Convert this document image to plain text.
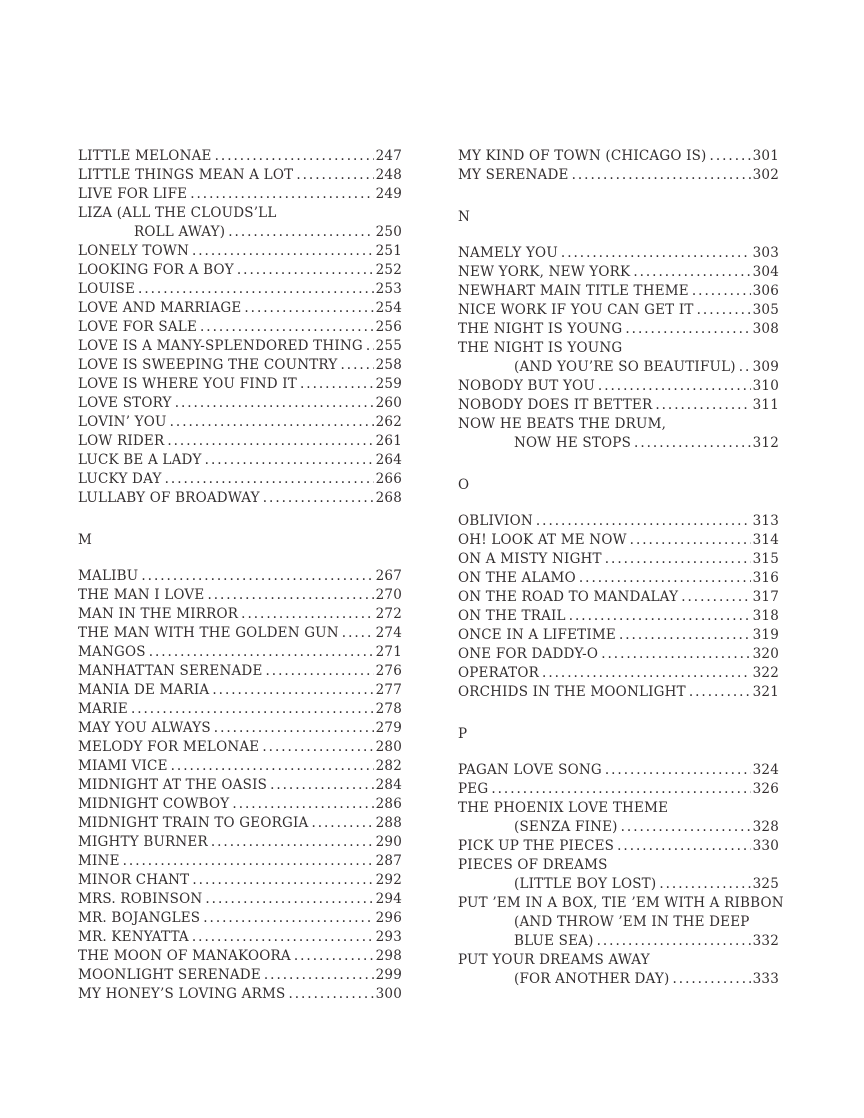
LITTLE MELONAE .....	247
LITTLE THINGS MEAN A LOT .....	248
LIVE FOR LIFE .....	249
LIZA (ALL THE CLOUDS’LL
ROLL AWAY) .....	250
LONELY TOWN .....	251
LOOKING FOR A BOY .....	252
LOUISE .....	253
LOVE AND MARRIAGE .....	254
LOVE FOR SALE .....	256
LOVE IS A MANY-SPLENDORED THING ..... 255
LOVE IS SWEEPING THE COUNTRY .....	258
LOVE IS WHERE YOU FIND IT .....	259
LOVE STORY .....	260
LOVIN’ YOU .....	262
LOW RIDER .....	261
LUCK BE A LADY .....	264
LUCKY DAY .....	266
LULLABY OF BROADWAY .....	268
M
MALIBU .....	267
THE MAN I LOVE .....	270
MAN IN THE MIRROR .....	272
THE MAN WITH THE GOLDEN GUN .....	274
MANGOS .....	271
MANHATTAN SERENADE .....	276
MANIA DE MARIA .....	277
MARIE .....	278
MAY YOU ALWAYS .....	279
MELODY FOR MELONAE .....	280
MIAMI VICE .....	282
MIDNIGHT AT THE OASIS .....	284
MIDNIGHT COWBOY .....	286
MIDNIGHT TRAIN TO GEORGIA .....	288
MIGHTY BURNER .....	290
MINE .....	287
MINOR CHANT .....	292
MRS. ROBINSON .....	294
MR. BOJANGLES .....	296
MR. KENYATTA .....	293
THE MOON OF MANAKOORA .....	298
MOONLIGHT SERENADE .....	299
MY HONEY’S LOVING ARMS .....	300
MY KIND OF TOWN (CHICAGO IS) .....	301
MY SERENADE .....	302
N
NAMELY YOU .....	303
NEW YORK, NEW YORK .....	304
NEWHART MAIN TITLE THEME .....	306
NICE WORK IF YOU CAN GET IT .....	305
THE NIGHT IS YOUNG .....	308
THE NIGHT IS YOUNG
(AND YOU’RE SO BEAUTIFUL) ..... 309
NOBODY BUT YOU .....	310
NOBODY DOES IT BETTER .....	311
NOW HE BEATS THE DRUM,
NOW HE STOPS .....	312
O
OBLIVION .....	313
OH! LOOK AT ME NOW .....	314
ON A MISTY NIGHT .....	315
ON THE ALAMO .....	316
ON THE ROAD TO MANDALAY .....	317
ON THE TRAIL .....	318
ONCE IN A LIFETIME .....	319
ONE FOR DADDY-O .....	320
OPERATOR .....	322
ORCHIDS IN THE MOONLIGHT .....	321
P
PAGAN LOVE SONG .....	324
PEG .....	326
THE PHOENIX LOVE THEME
(SENZA FINE) .....	328
PICK UP THE PIECES .....	330
PIECES OF DREAMS
(LITTLE BOY LOST) .....	325
PUT ’EM IN A BOX, TIE ’EM WITH A RIBBON
(AND THROW ’EM IN THE DEEP
BLUE SEA) .....	332
PUT YOUR DREAMS AWAY
(FOR ANOTHER DAY) .....	333
